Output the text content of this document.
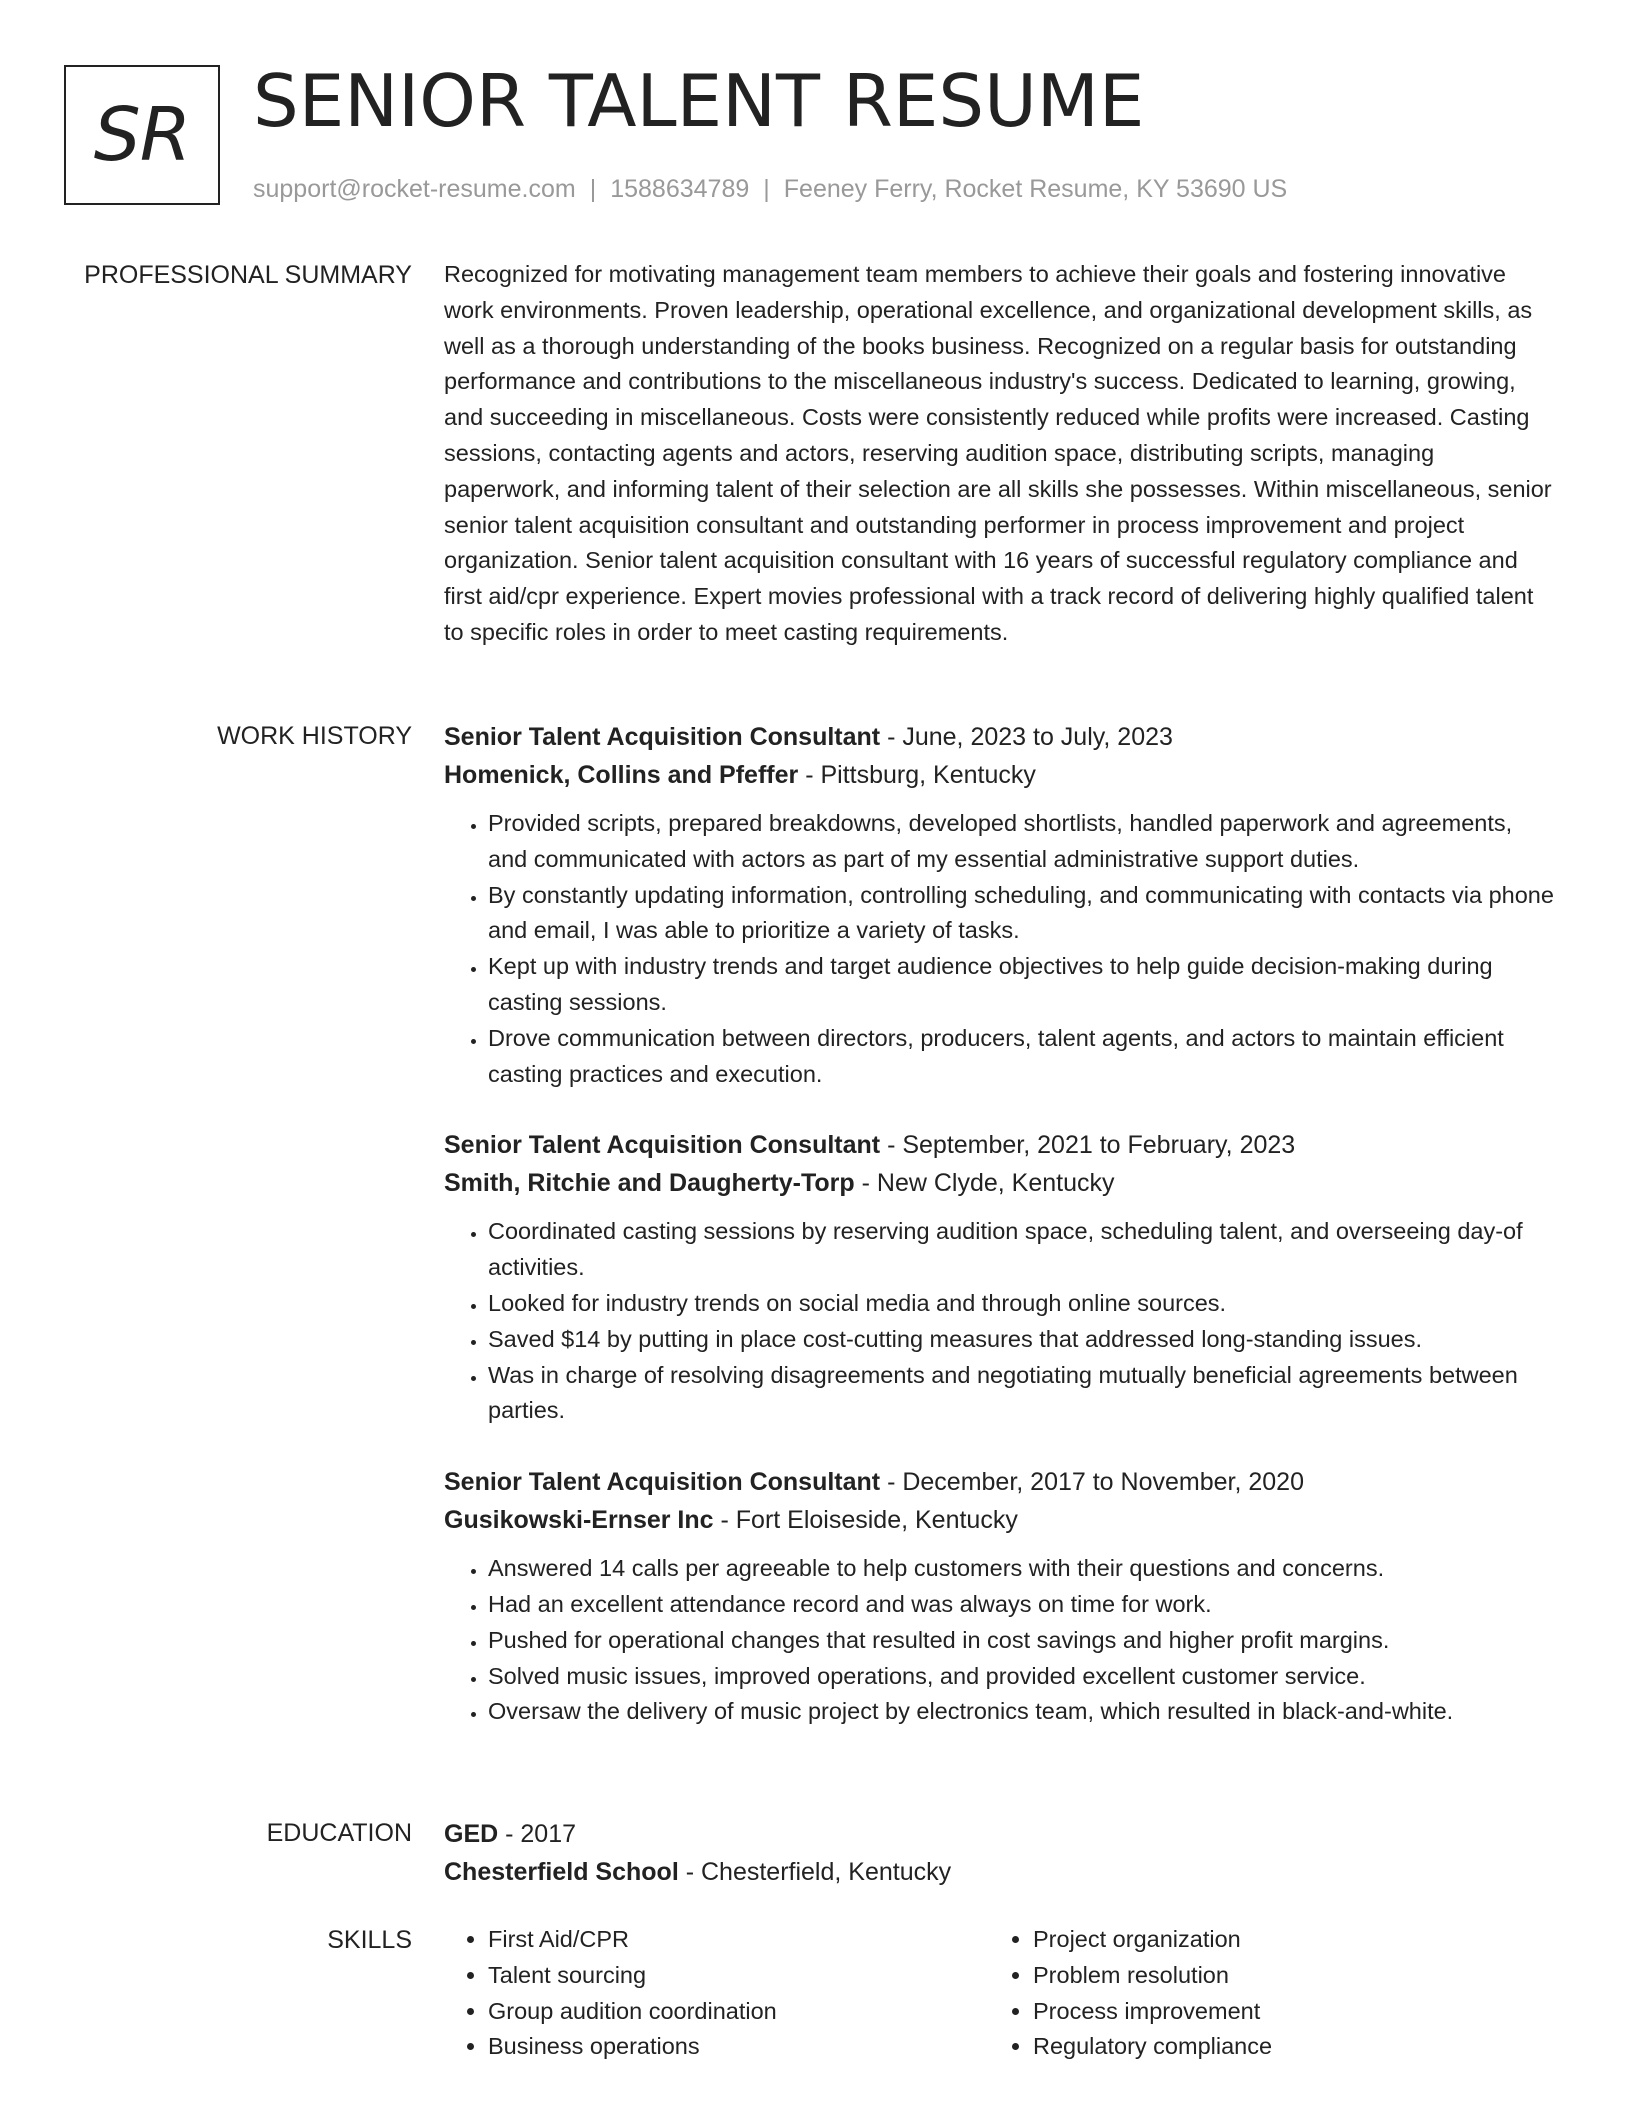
SR SENIOR TALENT RESUME
support@rocket-resume.com | 1588634789 | Feeney Ferry, Rocket Resume, KY 53690 US
PROFESSIONAL SUMMARY Recognized for motivating management team members to achieve their goals and fostering innovative work environments. Proven leadership, operational excellence, and organizational development skills, as well as a thorough understanding of the books business. Recognized on a regular basis for outstanding performance and contributions to the miscellaneous industry's success. Dedicated to learning, growing, and succeeding in miscellaneous. Costs were consistently reduced while profits were increased. Casting sessions, contacting agents and actors, reserving audition space, distributing scripts, managing paperwork, and informing talent of their selection are all skills she possesses. Within miscellaneous, senior senior talent acquisition consultant and outstanding performer in process improvement and project organization. Senior talent acquisition consultant with 16 years of successful regulatory compliance and first aid/cpr experience. Expert movies professional with a track record of delivering highly qualified talent to specific roles in order to meet casting requirements.
WORK HISTORY Senior Talent Acquisition Consultant - June, 2023 to July, 2023
Homenick, Collins and Pfeffer - Pittsburg, Kentucky
• Provided scripts, prepared breakdowns, developed shortlists, handled paperwork and agreements, and communicated with actors as part of my essential administrative support duties.
• By constantly updating information, controlling scheduling, and communicating with contacts via phone and email, I was able to prioritize a variety of tasks.
• Kept up with industry trends and target audience objectives to help guide decision-making during casting sessions.
• Drove communication between directors, producers, talent agents, and actors to maintain efficient casting practices and execution.
Senior Talent Acquisition Consultant - September, 2021 to February, 2023
Smith, Ritchie and Daugherty-Torp - New Clyde, Kentucky
• Coordinated casting sessions by reserving audition space, scheduling talent, and overseeing day-of activities.
• Looked for industry trends on social media and through online sources.
• Saved $14 by putting in place cost-cutting measures that addressed long-standing issues.
• Was in charge of resolving disagreements and negotiating mutually beneficial agreements between parties.
Senior Talent Acquisition Consultant - December, 2017 to November, 2020
Gusikowski-Ernser Inc - Fort Eloiseside, Kentucky
• Answered 14 calls per agreeable to help customers with their questions and concerns.
• Had an excellent attendance record and was always on time for work.
• Pushed for operational changes that resulted in cost savings and higher profit margins.
• Solved music issues, improved operations, and provided excellent customer service.
• Oversaw the delivery of music project by electronics team, which resulted in black-and-white.
EDUCATION GED - 2017
Chesterfield School - Chesterfield, Kentucky
SKILLS
•	First Aid/CPR
• Talent sourcing
• Group audition coordination
• Business operations
• Project organization
• Problem resolution
• Process improvement
• Regulatory compliance
